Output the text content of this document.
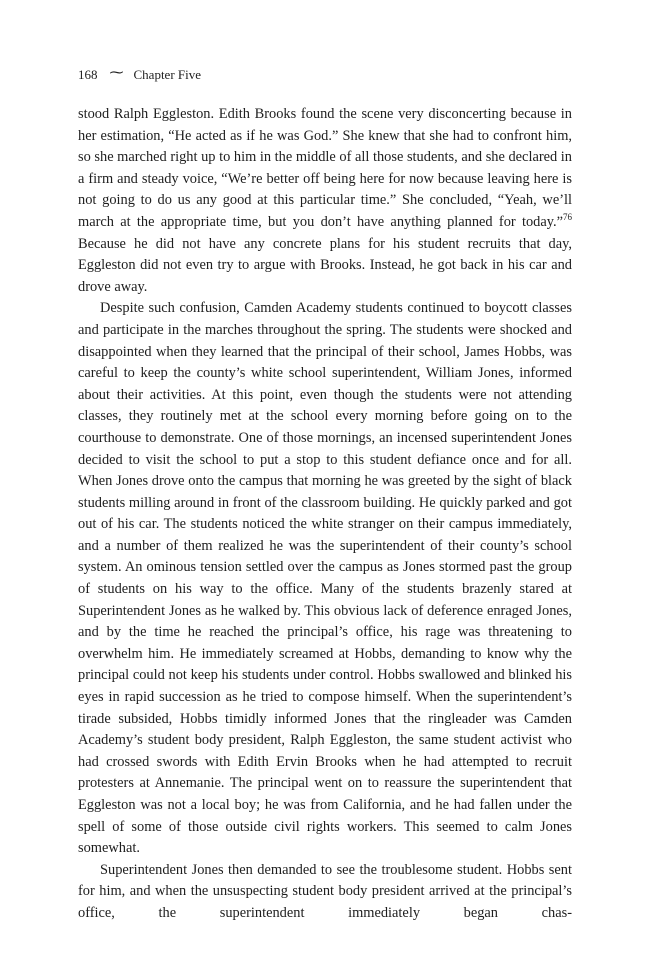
168 ⁓ Chapter Five

stood Ralph Eggleston. Edith Brooks found the scene very disconcerting because in her estimation, “He acted as if he was God.” She knew that she had to confront him, so she marched right up to him in the middle of all those students, and she declared in a firm and steady voice, “We’re better off being here for now because leaving here is not going to do us any good at this particular time.” She concluded, “Yeah, we’ll march at the appropriate time, but you don’t have anything planned for today.”$^{76}$ Because he did not have any concrete plans for his student recruits that day, Eggleston did not even try to argue with Brooks. Instead, he got back in his car and drove away.

Despite such confusion, Camden Academy students continued to boycott classes and participate in the marches throughout the spring. The students were shocked and disappointed when they learned that the principal of their school, James Hobbs, was careful to keep the county’s white school superintendent, William Jones, informed about their activities. At this point, even though the students were not attending classes, they routinely met at the school every morning before going on to the courthouse to demonstrate. One of those mornings, an incensed superintendent Jones decided to visit the school to put a stop to this student defiance once and for all. When Jones drove onto the campus that morning he was greeted by the sight of black students milling around in front of the classroom building. He quickly parked and got out of his car. The students noticed the white stranger on their campus immediately, and a number of them realized he was the superintendent of their county’s school system. An ominous tension settled over the campus as Jones stormed past the group of students on his way to the office. Many of the students brazenly stared at Superintendent Jones as he walked by. This obvious lack of deference enraged Jones, and by the time he reached the principal’s office, his rage was threatening to overwhelm him. He immediately screamed at Hobbs, demanding to know why the principal could not keep his students under control. Hobbs swallowed and blinked his eyes in rapid succession as he tried to compose himself. When the superintendent’s tirade subsided, Hobbs timidly informed Jones that the ringleader was Camden Academy’s student body president, Ralph Eggleston, the same student activist who had crossed swords with Edith Ervin Brooks when he had attempted to recruit protesters at Annemanie. The principal went on to reassure the superintendent that Eggleston was not a local boy; he was from California, and he had fallen under the spell of some of those outside civil rights workers. This seemed to calm Jones somewhat.

Superintendent Jones then demanded to see the troublesome student. Hobbs sent for him, and when the unsuspecting student body president arrived at the principal’s office, the superintendent immediately began chas-
